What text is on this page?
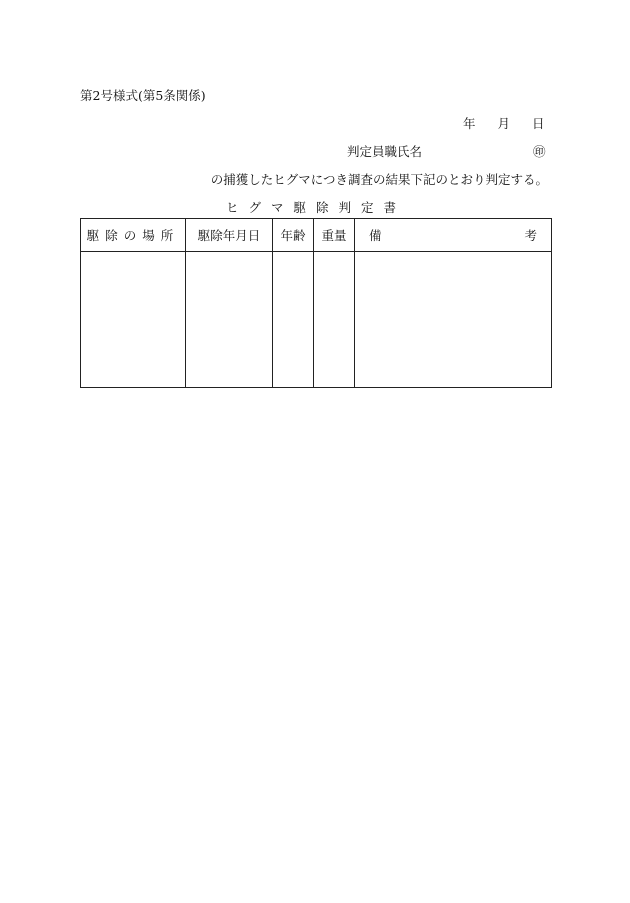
第2号様式(第5条関係)
年 月 日
判定員職氏名	㊞
の捕獲したヒグマにつき調査の結果下記のとおり判定する。
ヒグマ駆除判定書
駆除の場所	駆除年月日	年齢	重量	備 考
